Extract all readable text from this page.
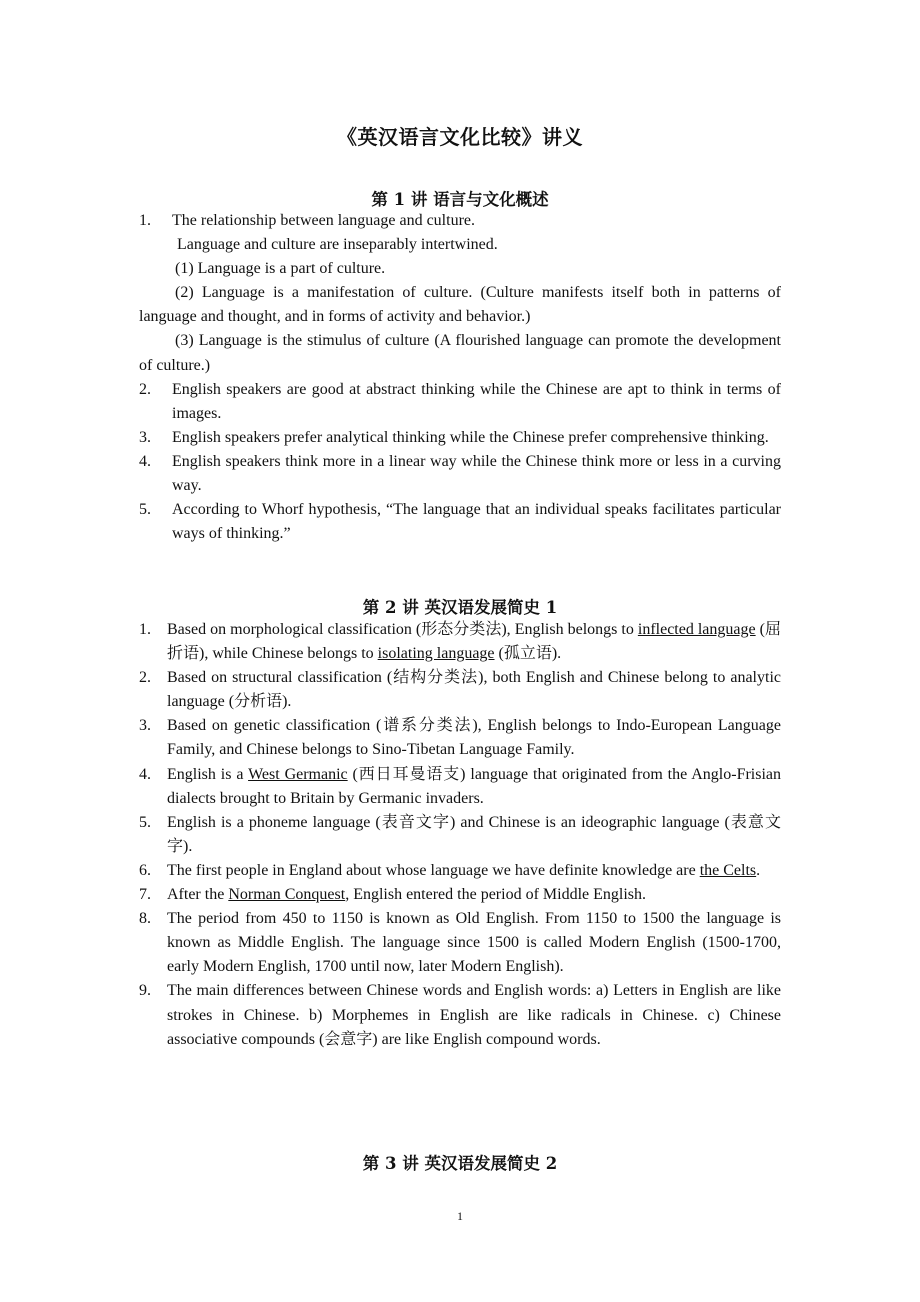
《英汉语言文化比较》讲义
第 1 讲 语言与文化概述
1. The relationship between language and culture.
Language and culture are inseparably intertwined.
(1) Language is a part of culture.
(2) Language is a manifestation of culture. (Culture manifests itself both in patterns of language and thought, and in forms of activity and behavior.)
(3) Language is the stimulus of culture (A flourished language can promote the development of culture.)
2. English speakers are good at abstract thinking while the Chinese are apt to think in terms of images.
3. English speakers prefer analytical thinking while the Chinese prefer comprehensive thinking.
4. English speakers think more in a linear way while the Chinese think more or less in a curving way.
5. According to Whorf hypothesis, “The language that an individual speaks facilitates particular ways of thinking.”
第 2 讲 英汉语发展简史 1
1. Based on morphological classification (形态分类法), English belongs to inflected language (屈折语), while Chinese belongs to isolating language (孤立语).
2. Based on structural classification (结构分类法), both English and Chinese belong to analytic language (分析语).
3. Based on genetic classification (谱系分类法), English belongs to Indo-European Language Family, and Chinese belongs to Sino-Tibetan Language Family.
4. English is a West Germanic (西日耳曼语支) language that originated from the Anglo-Frisian dialects brought to Britain by Germanic invaders.
5. English is a phoneme language (表音文字) and Chinese is an ideographic language (表意文字).
6. The first people in England about whose language we have definite knowledge are the Celts.
7. After the Norman Conquest, English entered the period of Middle English.
8. The period from 450 to 1150 is known as Old English. From 1150 to 1500 the language is known as Middle English. The language since 1500 is called Modern English (1500-1700, early Modern English, 1700 until now, later Modern English).
9. The main differences between Chinese words and English words: a) Letters in English are like strokes in Chinese. b) Morphemes in English are like radicals in Chinese. c) Chinese associative compounds (会意字) are like English compound words.
第 3 讲 英汉语发展简史 2
1
